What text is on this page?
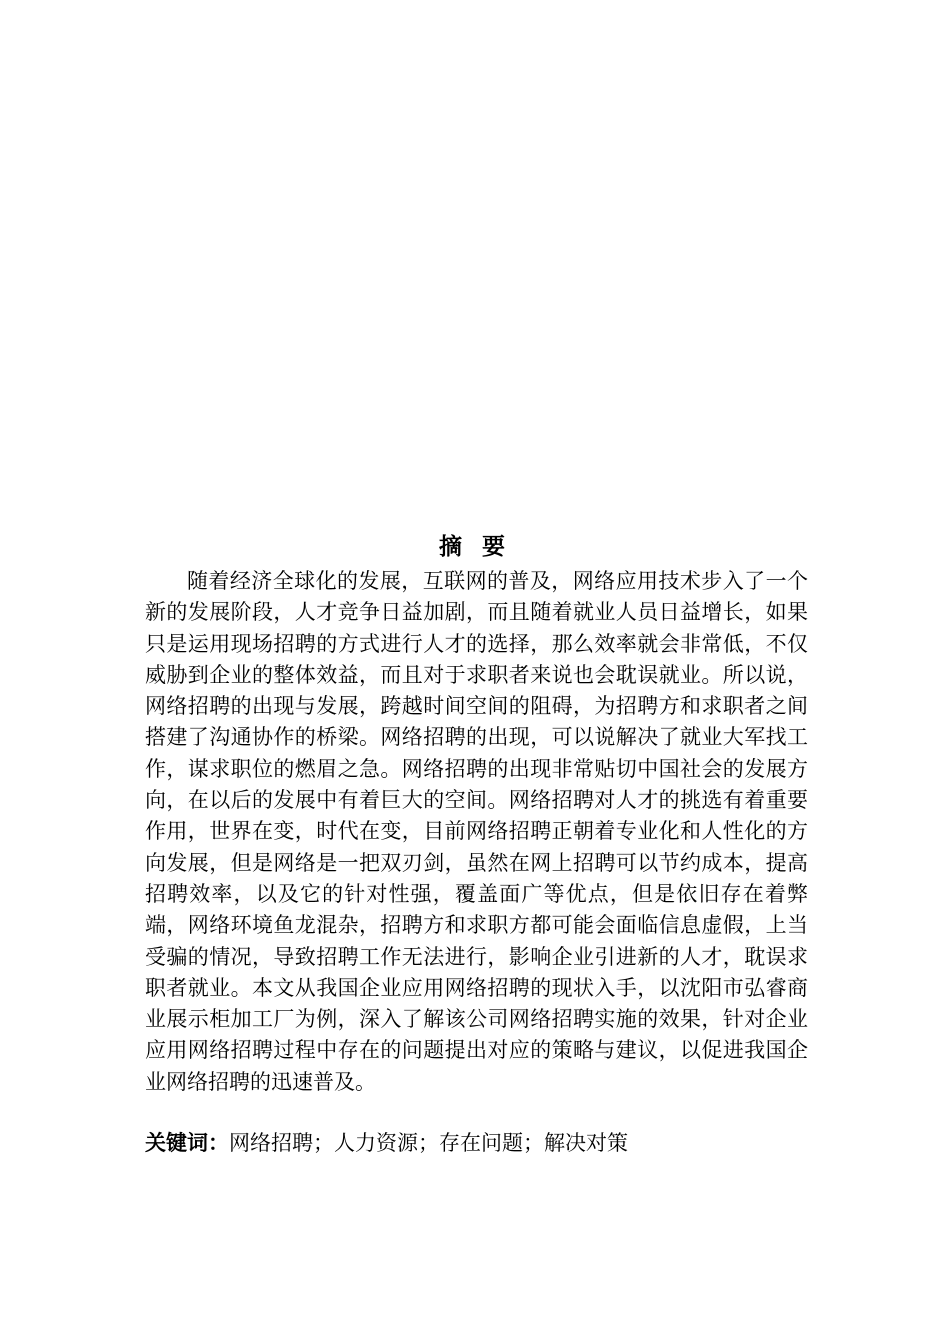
摘 要

随着经济全球化的发展，互联网的普及，网络应用技术步入了一个新的发展阶段，人才竞争日益加剧，而且随着就业人员日益增长，如果只是运用现场招聘的方式进行人才的选择，那么效率就会非常低，不仅威胁到企业的整体效益，而且对于求职者来说也会耽误就业。所以说，网络招聘的出现与发展，跨越时间空间的阻碍，为招聘方和求职者之间搭建了沟通协作的桥梁。网络招聘的出现，可以说解决了就业大军找工作，谋求职位的燃眉之急。网络招聘的出现非常贴切中国社会的发展方向，在以后的发展中有着巨大的空间。网络招聘对人才的挑选有着重要作用，世界在变，时代在变，目前网络招聘正朝着专业化和人性化的方向发展，但是网络是一把双刃剑，虽然在网上招聘可以节约成本，提高招聘效率，以及它的针对性强，覆盖面广等优点，但是依旧存在着弊端，网络环境鱼龙混杂，招聘方和求职方都可能会面临信息虚假，上当受骗的情况，导致招聘工作无法进行，影响企业引进新的人才，耽误求职者就业。本文从我国企业应用网络招聘的现状入手，以沈阳市弘睿商业展示柜加工厂为例，深入了解该公司网络招聘实施的效果，针对企业应用网络招聘过程中存在的问题提出对应的策略与建议，以促进我国企业网络招聘的迅速普及。

关键词：网络招聘；人力资源；存在问题；解决对策
